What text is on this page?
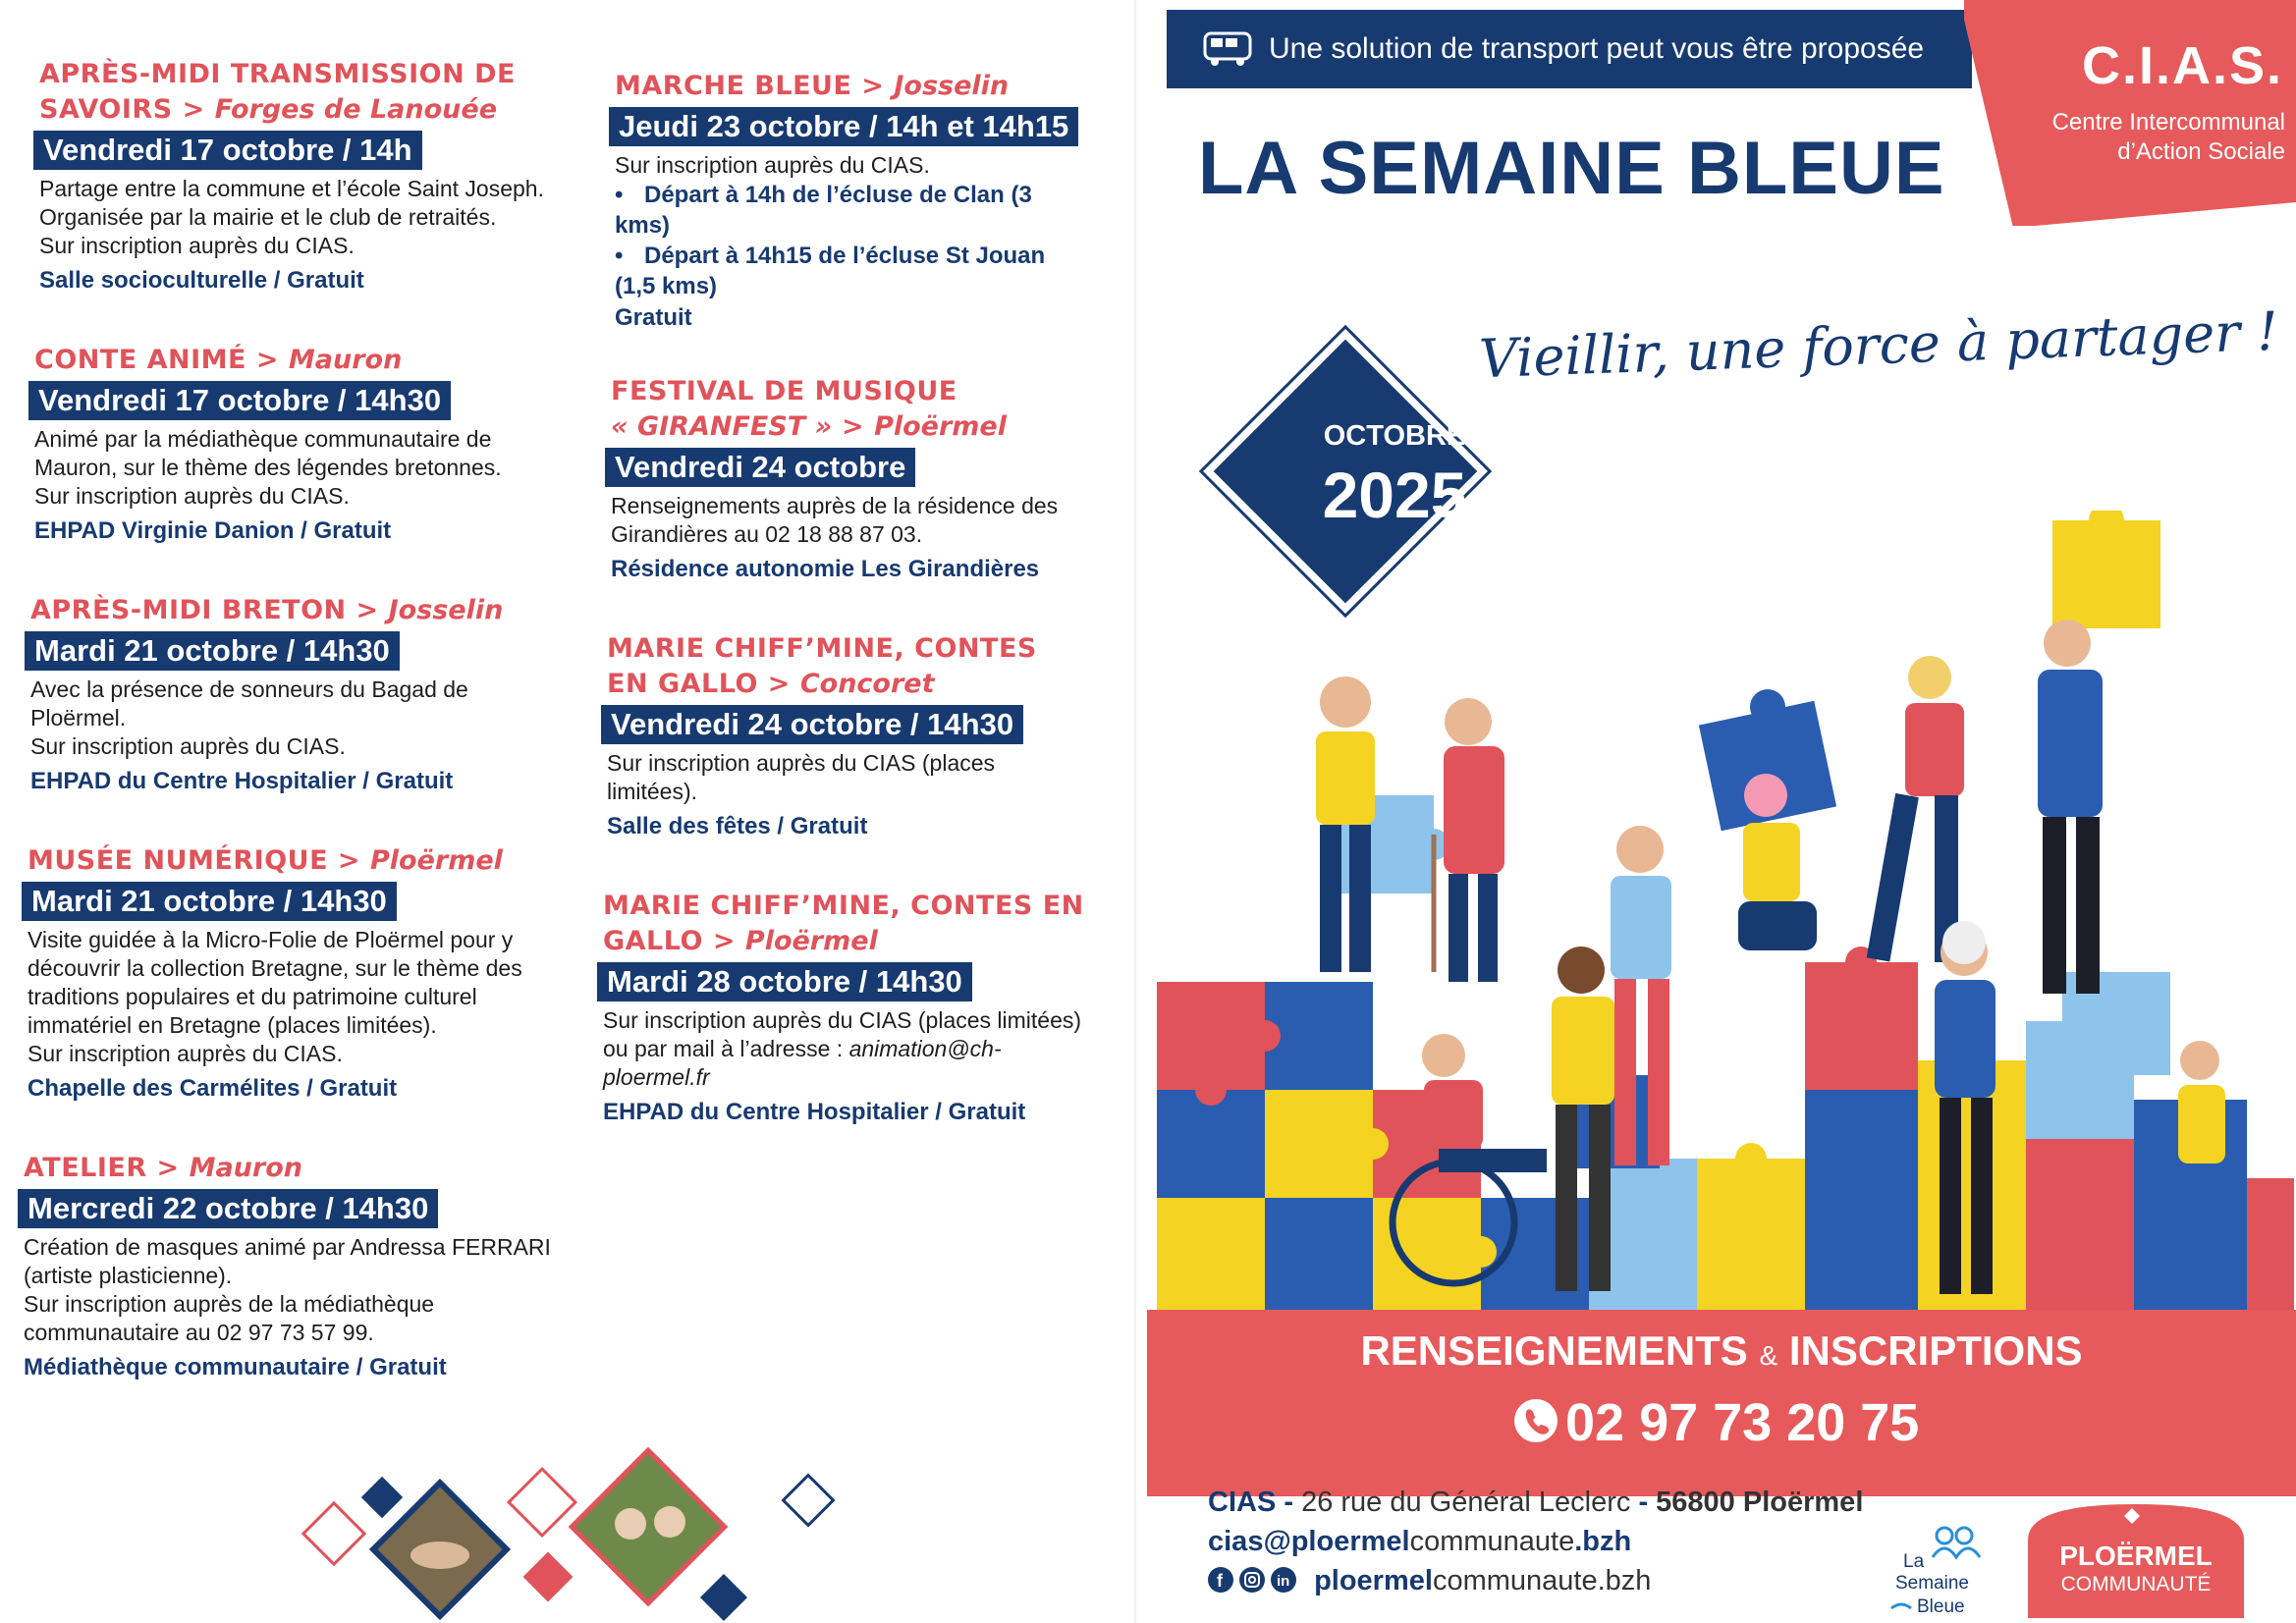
APRÈS-MIDI TRANSMISSION DE SAVOIRS > Forges de Lanouée
Vendredi 17 octobre / 14h

Partage entre la commune et l’école Saint Joseph. Organisée par la mairie et le club de retraités.

Sur inscription auprès du CIAS.

Salle socioculturelle / Gratuit
CONTE ANIMÉ > Mauron
Vendredi 17 octobre / 14h30

Animé par la médiathèque communautaire de Mauron, sur le thème des légendes bretonnes.

Sur inscription auprès du CIAS.

EHPAD Virginie Danion / Gratuit
APRÈS-MIDI BRETON > Josselin
Mardi 21 octobre / 14h30

Avec la présence de sonneurs du Bagad de Ploërmel.

Sur inscription auprès du CIAS.

EHPAD du Centre Hospitalier / Gratuit
MUSÉE NUMÉRIQUE > Ploërmel
Mardi 21 octobre / 14h30

Visite guidée à la Micro-Folie de Ploërmel pour y découvrir la collection Bretagne, sur le thème des traditions populaires et du patrimoine culturel immatériel en Bretagne (places limitées).

Sur inscription auprès du CIAS.

Chapelle des Carmélites / Gratuit
ATELIER > Mauron
Mercredi 22 octobre / 14h30

Création de masques animé par Andressa FERRARI (artiste plasticienne).

Sur inscription auprès de la médiathèque communautaire au 02 97 73 57 99.

Médiathèque communautaire / Gratuit
MARCHE BLEUE > Josselin
Jeudi 23 octobre / 14h et 14h15

Sur inscription auprès du CIAS.

• Départ à 14h de l’écluse de Clan (3 kms)
• Départ à 14h15 de l’écluse St Jouan (1,5 kms)
Gratuit
FESTIVAL DE MUSIQUE
« GIRANFEST » > Ploërmel
Vendredi 24 octobre

Renseignements auprès de la résidence des Girandières au 02 18 88 87 03.

Résidence autonomie Les Girandières
MARIE CHIFF’MINE, CONTES EN GALLO > Concoret
Vendredi 24 octobre / 14h30

Sur inscription auprès du CIAS (places limitées).

Salle des fêtes / Gratuit
MARIE CHIFF’MINE, CONTES EN GALLO > Ploërmel
Mardi 28 octobre / 14h30

Sur inscription auprès du CIAS (places limitées) ou par mail à l’adresse : animation@ch-ploermel.fr

EHPAD du Centre Hospitalier / Gratuit
Une solution de transport peut vous être proposée	C.I.A.S.
Centre Intercommunal
d’Action Sociale
LA SEMAINE BLEUE
OCTOBRE
2025
Vieillir, une force à partager !
RENSEIGNEMENTS & INSCRIPTIONS
02 97 73 20 75
CIAS - 26 rue du Général Leclerc - 56800 Ploërmel
cias@ploermelcommunaute.bzh
f	in ploermelcommunaute.bzh
La
Semaine
Bleue
PLOËRMEL
COMMUNAUTÉ
